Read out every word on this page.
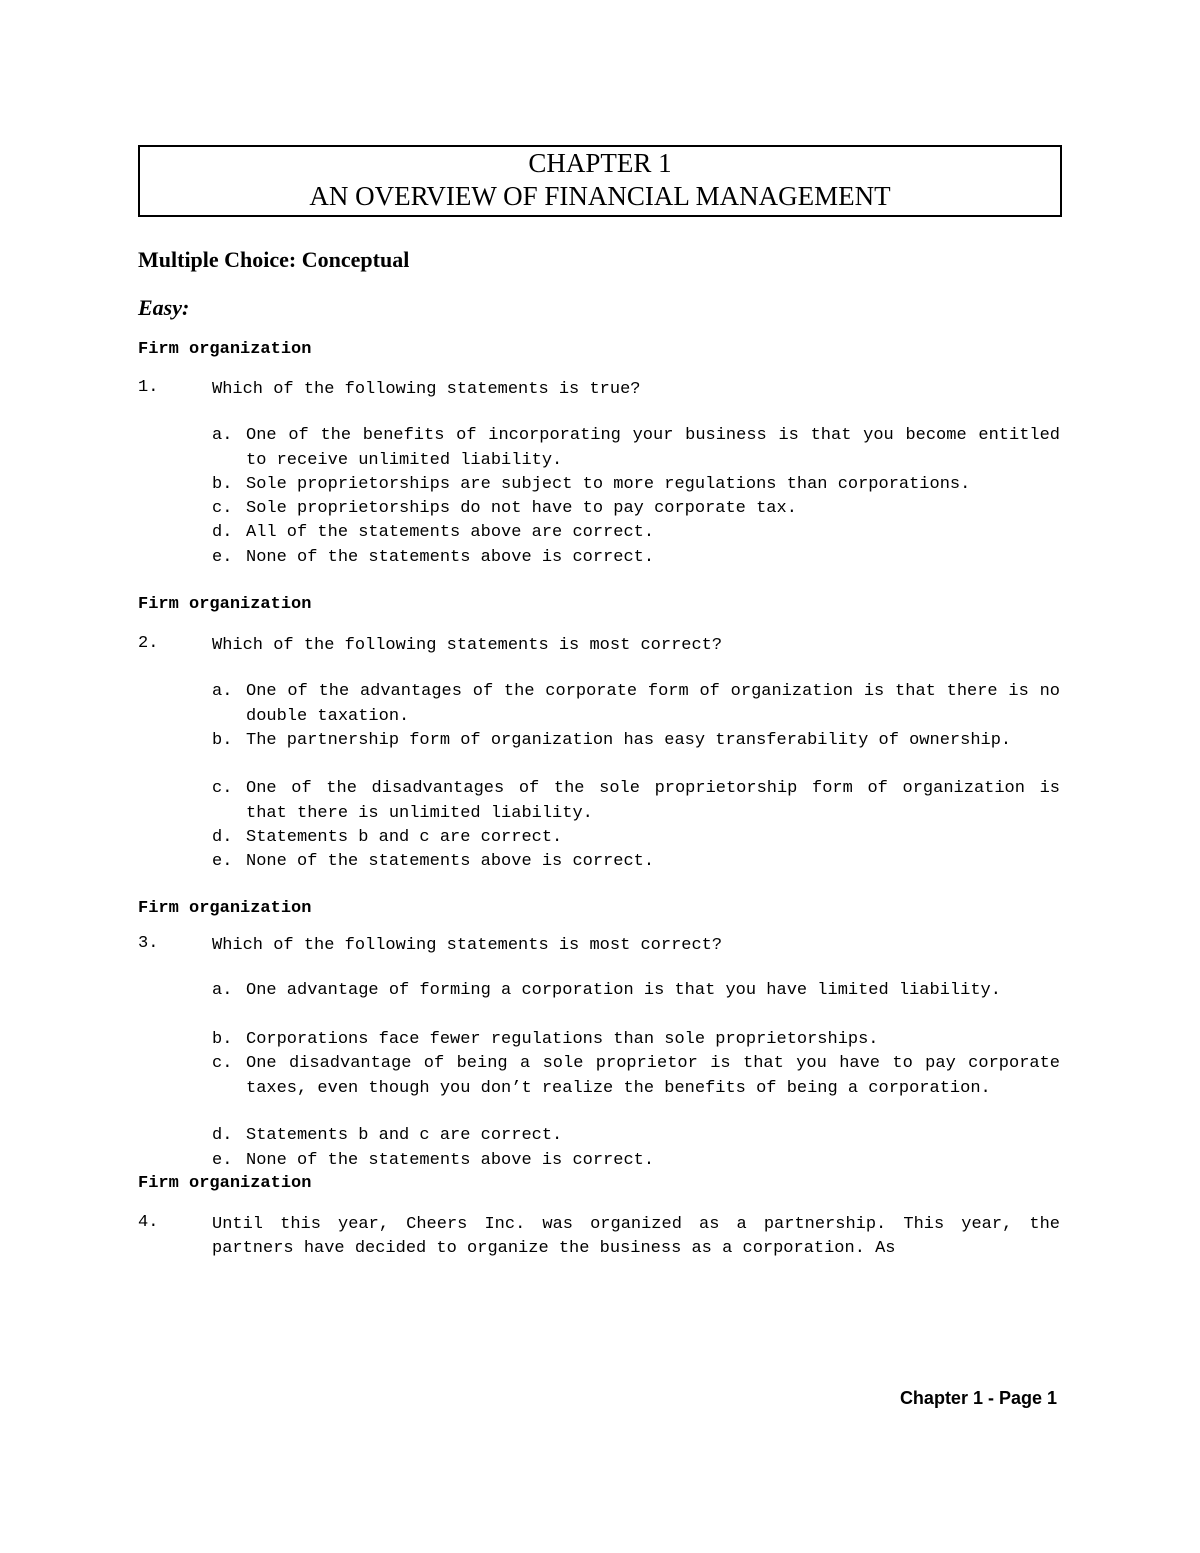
CHAPTER 1
AN OVERVIEW OF FINANCIAL MANAGEMENT
Multiple Choice: Conceptual
Easy:
Firm organization
1.	Which of the following statements is true?
a. One of the benefits of incorporating your business is that you become entitled to receive unlimited liability.
b. Sole proprietorships are subject to more regulations than corporations.
c. Sole proprietorships do not have to pay corporate tax.
d. All of the statements above are correct.
e. None of the statements above is correct.
Firm organization
2.	Which of the following statements is most correct?
a. One of the advantages of the corporate form of organization is that there is no double taxation.
b. The partnership form of organization has easy transferability of ownership.
c. One of the disadvantages of the sole proprietorship form of organization is that there is unlimited liability.
d. Statements b and c are correct.
e. None of the statements above is correct.
Firm organization
3.	Which of the following statements is most correct?
a. One advantage of forming a corporation is that you have limited liability.
b. Corporations face fewer regulations than sole proprietorships.
c. One disadvantage of being a sole proprietor is that you have to pay corporate taxes, even though you don’t realize the benefits of being a corporation.
d. Statements b and c are correct.
e. None of the statements above is correct.
Firm organization
4.	Until this year, Cheers Inc. was organized as a partnership. This year, the partners have decided to organize the business as a corporation. As
Chapter 1 - Page 1
